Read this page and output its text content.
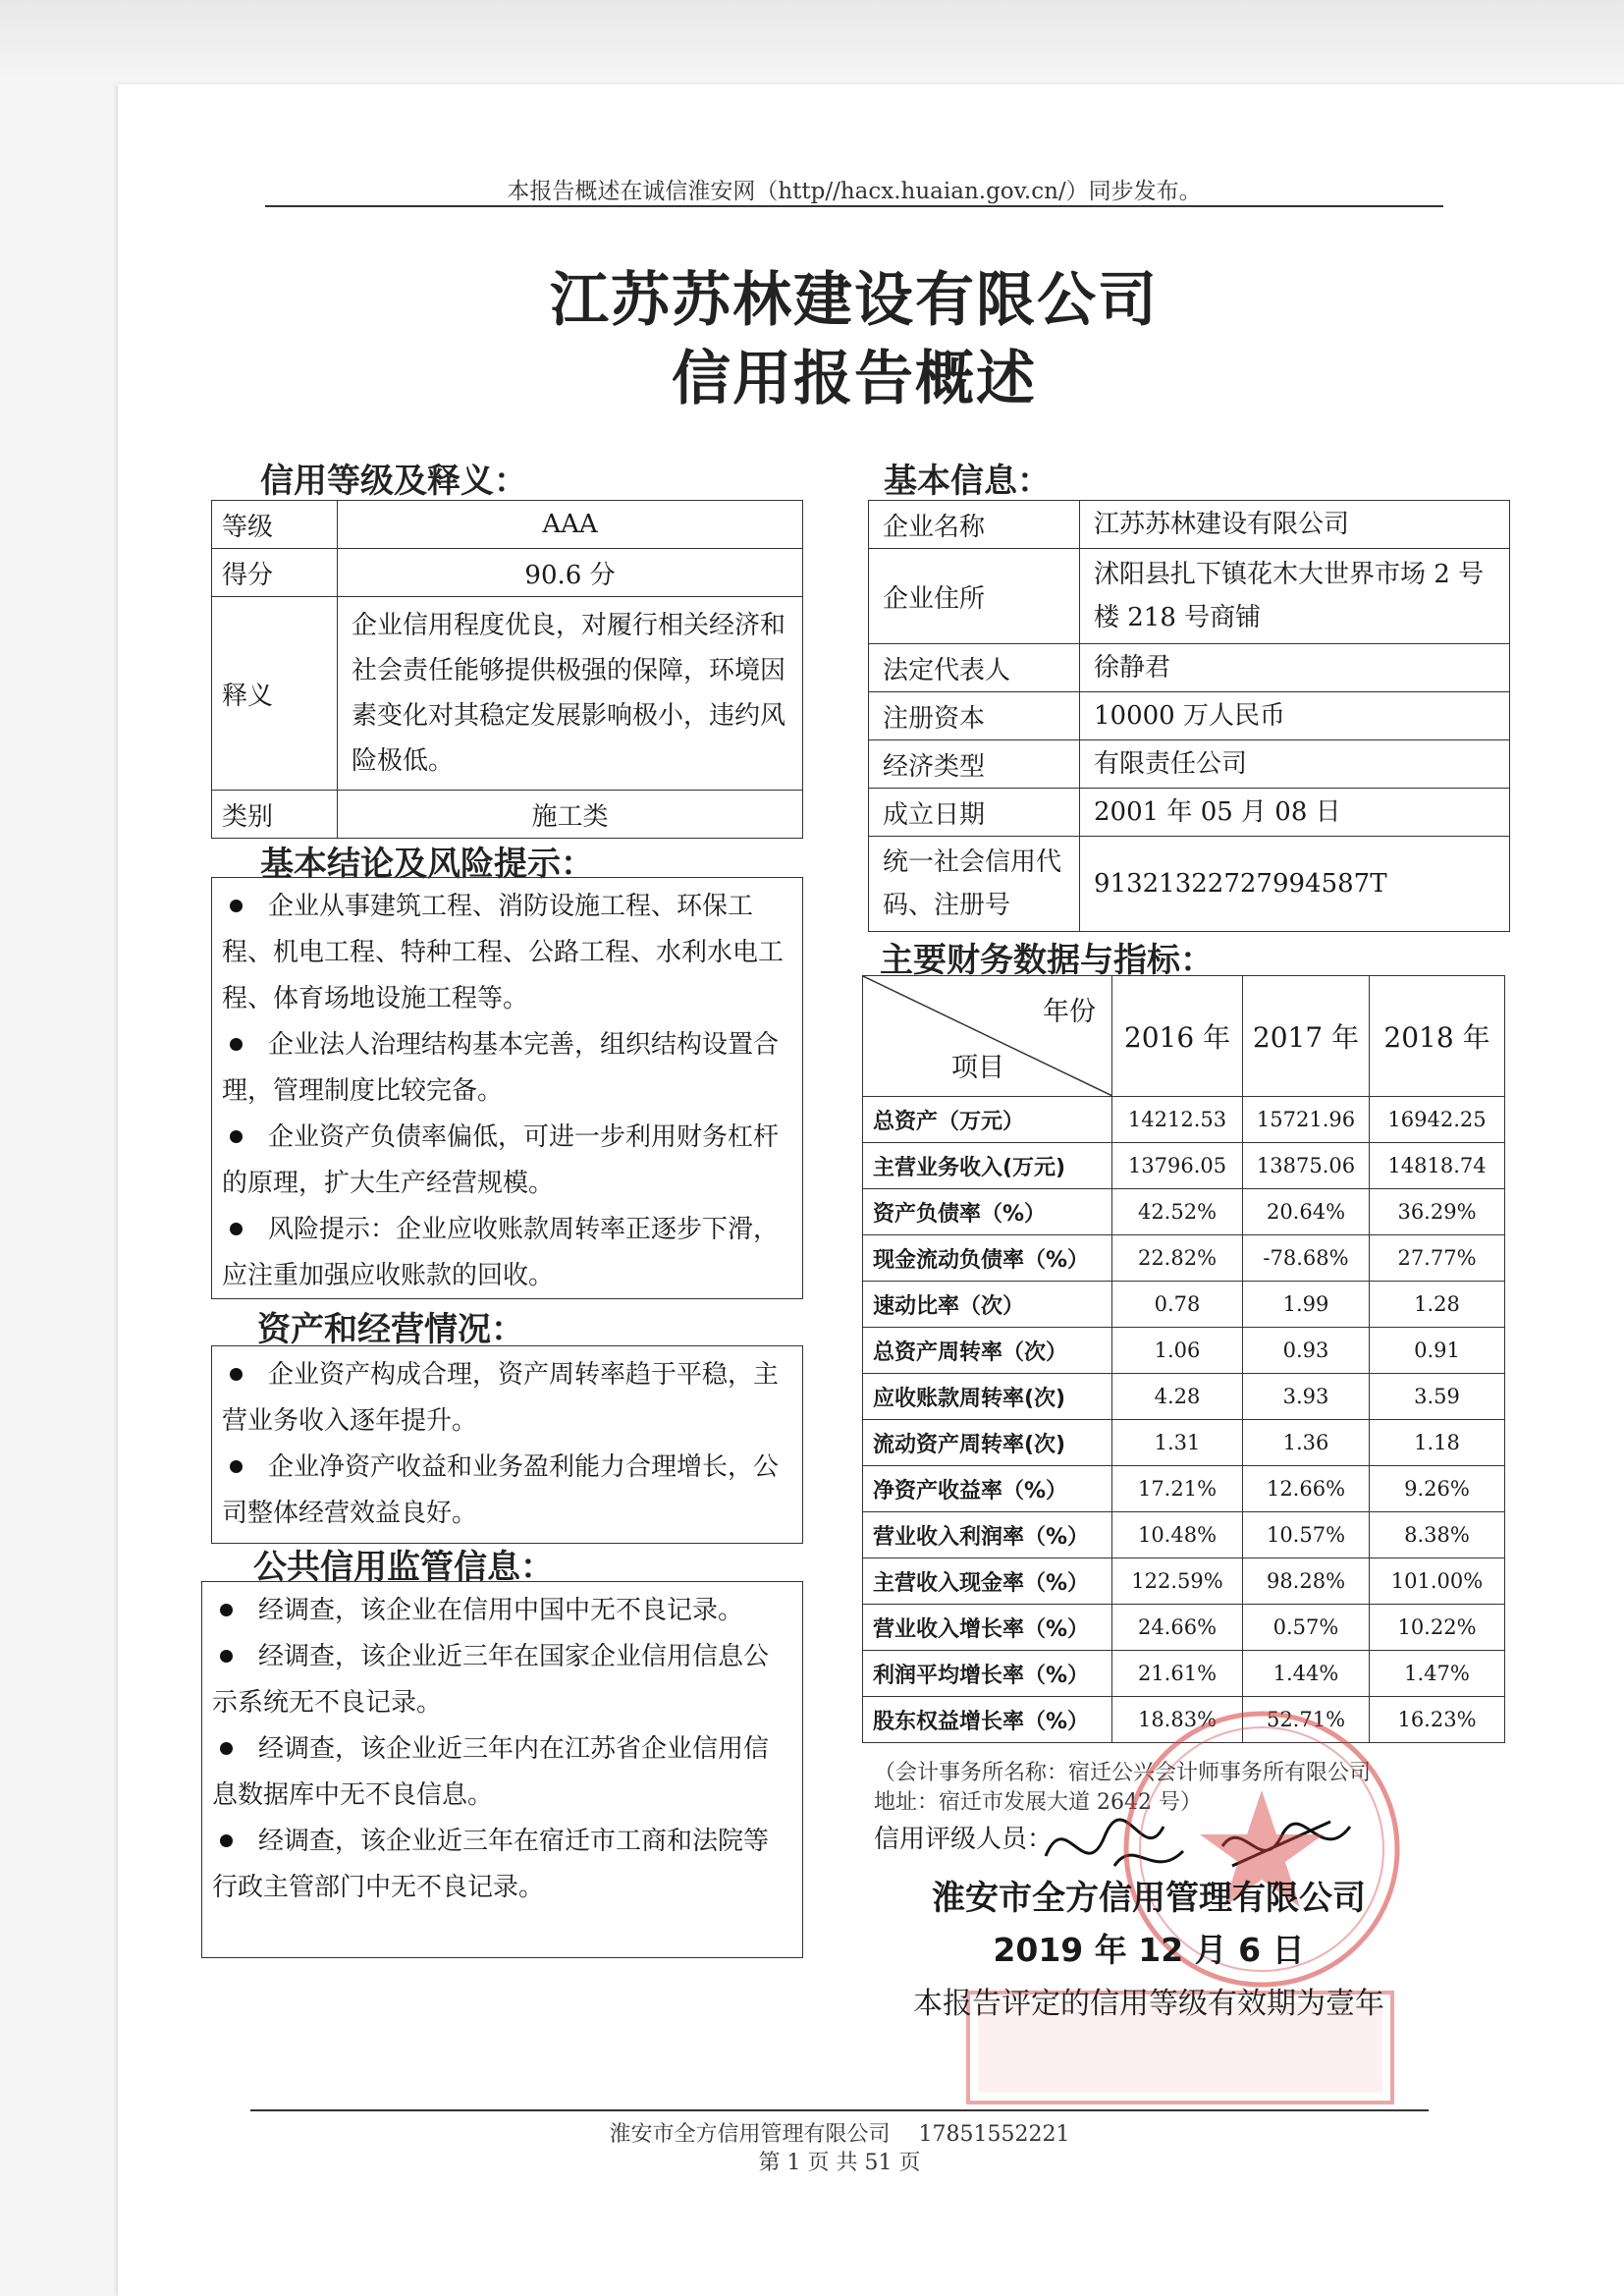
本报告概述在诚信淮安网（http//hacx.huaian.gov.cn/）同步发布。
江苏苏林建设有限公司
信用报告概述
信用等级及释义：
等级	AAA
得分	90.6 分
释义	企业信用程度优良，对履行相关经济和社会责任能够提供极强的保障，环境因素变化对其稳定发展影响极小，违约风险极低。
类别	施工类
基本结论及风险提示：
企业从事建筑工程、消防设施工程、环保工程、机电工程、特种工程、公路工程、水利水电工程、体育场地设施工程等。
企业法人治理结构基本完善，组织结构设置合理，管理制度比较完备。
企业资产负债率偏低，可进一步利用财务杠杆的原理，扩大生产经营规模。
风险提示：企业应收账款周转率正逐步下滑，应注重加强应收账款的回收。
资产和经营情况：
企业资产构成合理，资产周转率趋于平稳，主营业务收入逐年提升。
企业净资产收益和业务盈利能力合理增长，公司整体经营效益良好。
公共信用监管信息：
经调查，该企业在信用中国中无不良记录。
经调查，该企业近三年在国家企业信用信息公示系统无不良记录。
经调查，该企业近三年内在江苏省企业信用信息数据库中无不良信息。
经调查，该企业近三年在宿迁市工商和法院等行政主管部门中无不良记录。
基本信息：
企业名称	江苏苏林建设有限公司
企业住所	沭阳县扎下镇花木大世界市场 2 号楼 218 号商铺
法定代表人	徐静君
注册资本	10000 万人民币
经济类型	有限责任公司
成立日期	2001 年 05 月 08 日
统一社会信用代码、注册号	91321322727994587T
主要财务数据与指标：
年份
项目	2016 年	2017 年	2018 年
总资产（万元）	14212.53	15721.96	16942.25
主营业务收入(万元)	13796.05	13875.06	14818.74
资产负债率（%）	42.52%	20.64%	36.29%
现金流动负债率（%）	22.82%	-78.68%	27.77%
速动比率（次）	0.78	1.99	1.28
总资产周转率（次）	1.06	0.93	0.91
应收账款周转率(次)	4.28	3.93	3.59
流动资产周转率(次)	1.31	1.36	1.18
净资产收益率（%）	17.21%	12.66%	9.26%
营业收入利润率（%）	10.48%	10.57%	8.38%
主营收入现金率（%）	122.59%	98.28%	101.00%
营业收入增长率（%）	24.66%	0.57%	10.22%
利润平均增长率（%）	21.61%	1.44%	1.47%
股东权益增长率（%）	18.83%	52.71%	16.23%
（会计事务所名称：宿迁公兴会计师事务所有限公司
地址：宿迁市发展大道 2642 号）
信用评级人员：
淮安市全方信用管理有限公司
2019 年 12 月 6 日
本报告评定的信用等级有效期为壹年
淮安市全方信用管理有限公司　 17851552221
第 1 页 共 51 页
